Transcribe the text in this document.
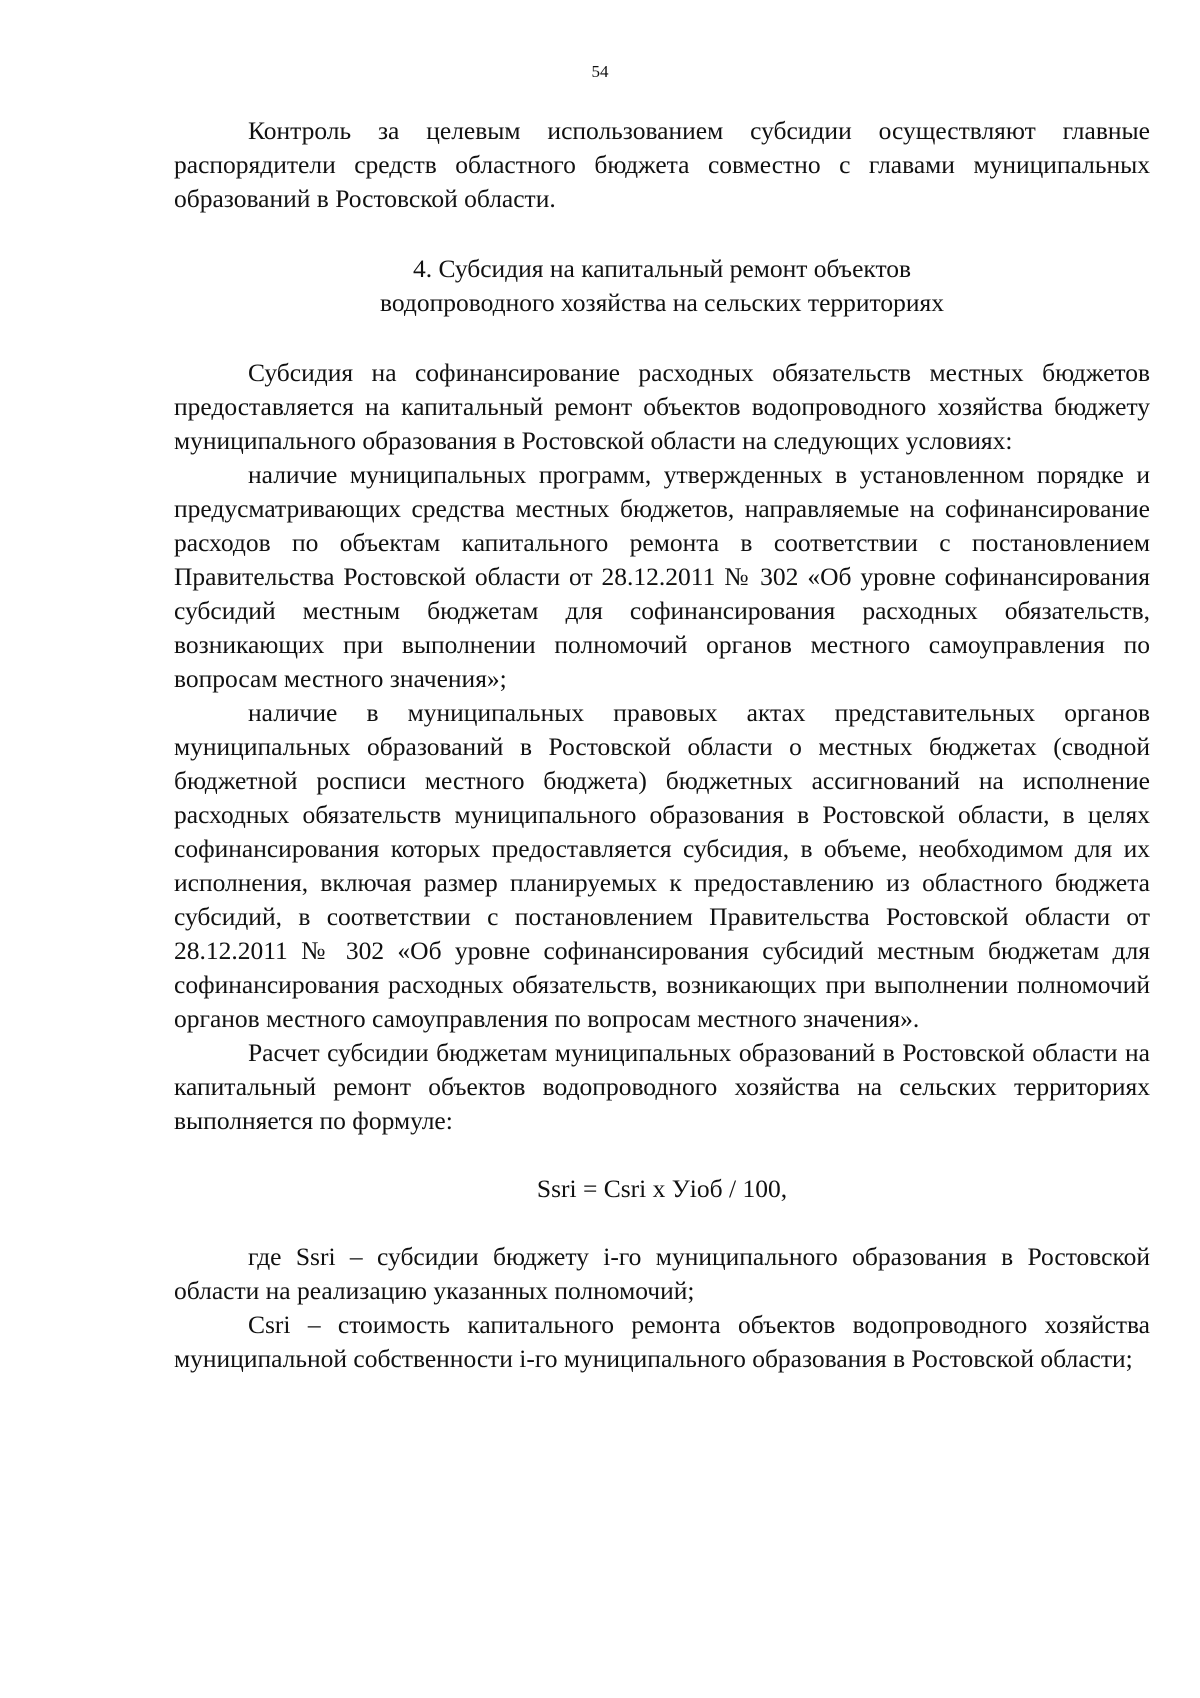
54

Контроль за целевым использованием субсидии осуществляют главные распорядители средств областного бюджета совместно с главами муниципальных образований в Ростовской области.

4. Субсидия на капитальный ремонт объектов
водопроводного хозяйства на сельских территориях

Субсидия на софинансирование расходных обязательств местных бюджетов предоставляется на капитальный ремонт объектов водопроводного хозяйства бюджету муниципального образования в Ростовской области на следующих условиях:

наличие муниципальных программ, утвержденных в установленном порядке и предусматривающих средства местных бюджетов, направляемые на софинансирование расходов по объектам капитального ремонта в соответствии с постановлением Правительства Ростовской области от 28.12.2011 № 302 «Об уровне софинансирования субсидий местным бюджетам для софинансирования расходных обязательств, возникающих при выполнении полномочий органов местного самоуправления по вопросам местного значения»;

наличие в муниципальных правовых актах представительных органов муниципальных образований в Ростовской области о местных бюджетах (сводной бюджетной росписи местного бюджета) бюджетных ассигнований на исполнение расходных обязательств муниципального образования в Ростовской области, в целях софинансирования которых предоставляется субсидия, в объеме, необходимом для их исполнения, включая размер планируемых к предоставлению из областного бюджета субсидий, в соответствии с постановлением Правительства Ростовской области от 28.12.2011 № 302 «Об уровне софинансирования субсидий местным бюджетам для софинансирования расходных обязательств, возникающих при выполнении полномочий органов местного самоуправления по вопросам местного значения».

Расчет субсидии бюджетам муниципальных образований в Ростовской области на капитальный ремонт объектов водопроводного хозяйства на сельских территориях выполняется по формуле:

Ssri = Csri x Уioб / 100,

где Ssri – субсидии бюджету i-го муниципального образования в Ростовской области на реализацию указанных полномочий;

Csri – стоимость капитального ремонта объектов водопроводного хозяйства муниципальной собственности i-го муниципального образования в Ростовской области;
